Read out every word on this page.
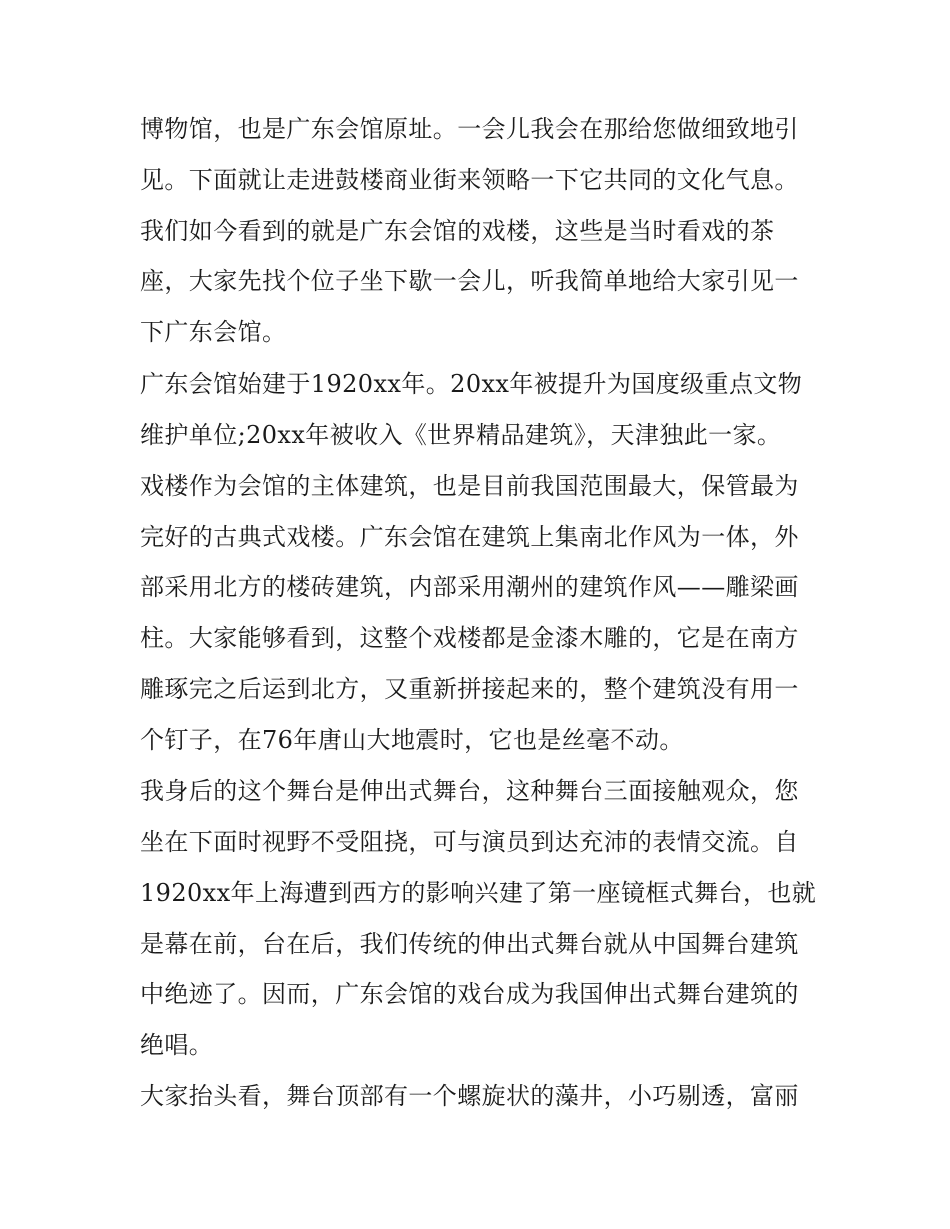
博物馆，也是广东会馆原址。一会儿我会在那给您做细致地引
见。下面就让走进鼓楼商业街来领略一下它共同的文化气息。
我们如今看到的就是广东会馆的戏楼，这些是当时看戏的茶
座，大家先找个位子坐下歇一会儿，听我简单地给大家引见一
下广东会馆。
广东会馆始建于1920xx年。20xx年被提升为国度级重点文物
维护单位;20xx年被收入《世界精品建筑》，天津独此一家。
戏楼作为会馆的主体建筑，也是目前我国范围最大，保管最为
完好的古典式戏楼。广东会馆在建筑上集南北作风为一体，外
部采用北方的楼砖建筑，内部采用潮州的建筑作风——雕梁画
柱。大家能够看到，这整个戏楼都是金漆木雕的，它是在南方
雕琢完之后运到北方，又重新拼接起来的，整个建筑没有用一
个钉子，在76年唐山大地震时，它也是丝毫不动。
我身后的这个舞台是伸出式舞台，这种舞台三面接触观众，您
坐在下面时视野不受阻挠，可与演员到达充沛的表情交流。自
1920xx年上海遭到西方的影响兴建了第一座镜框式舞台，也就
是幕在前，台在后，我们传统的伸出式舞台就从中国舞台建筑
中绝迹了。因而，广东会馆的戏台成为我国伸出式舞台建筑的
绝唱。
大家抬头看，舞台顶部有一个螺旋状的藻井，小巧剔透，富丽
